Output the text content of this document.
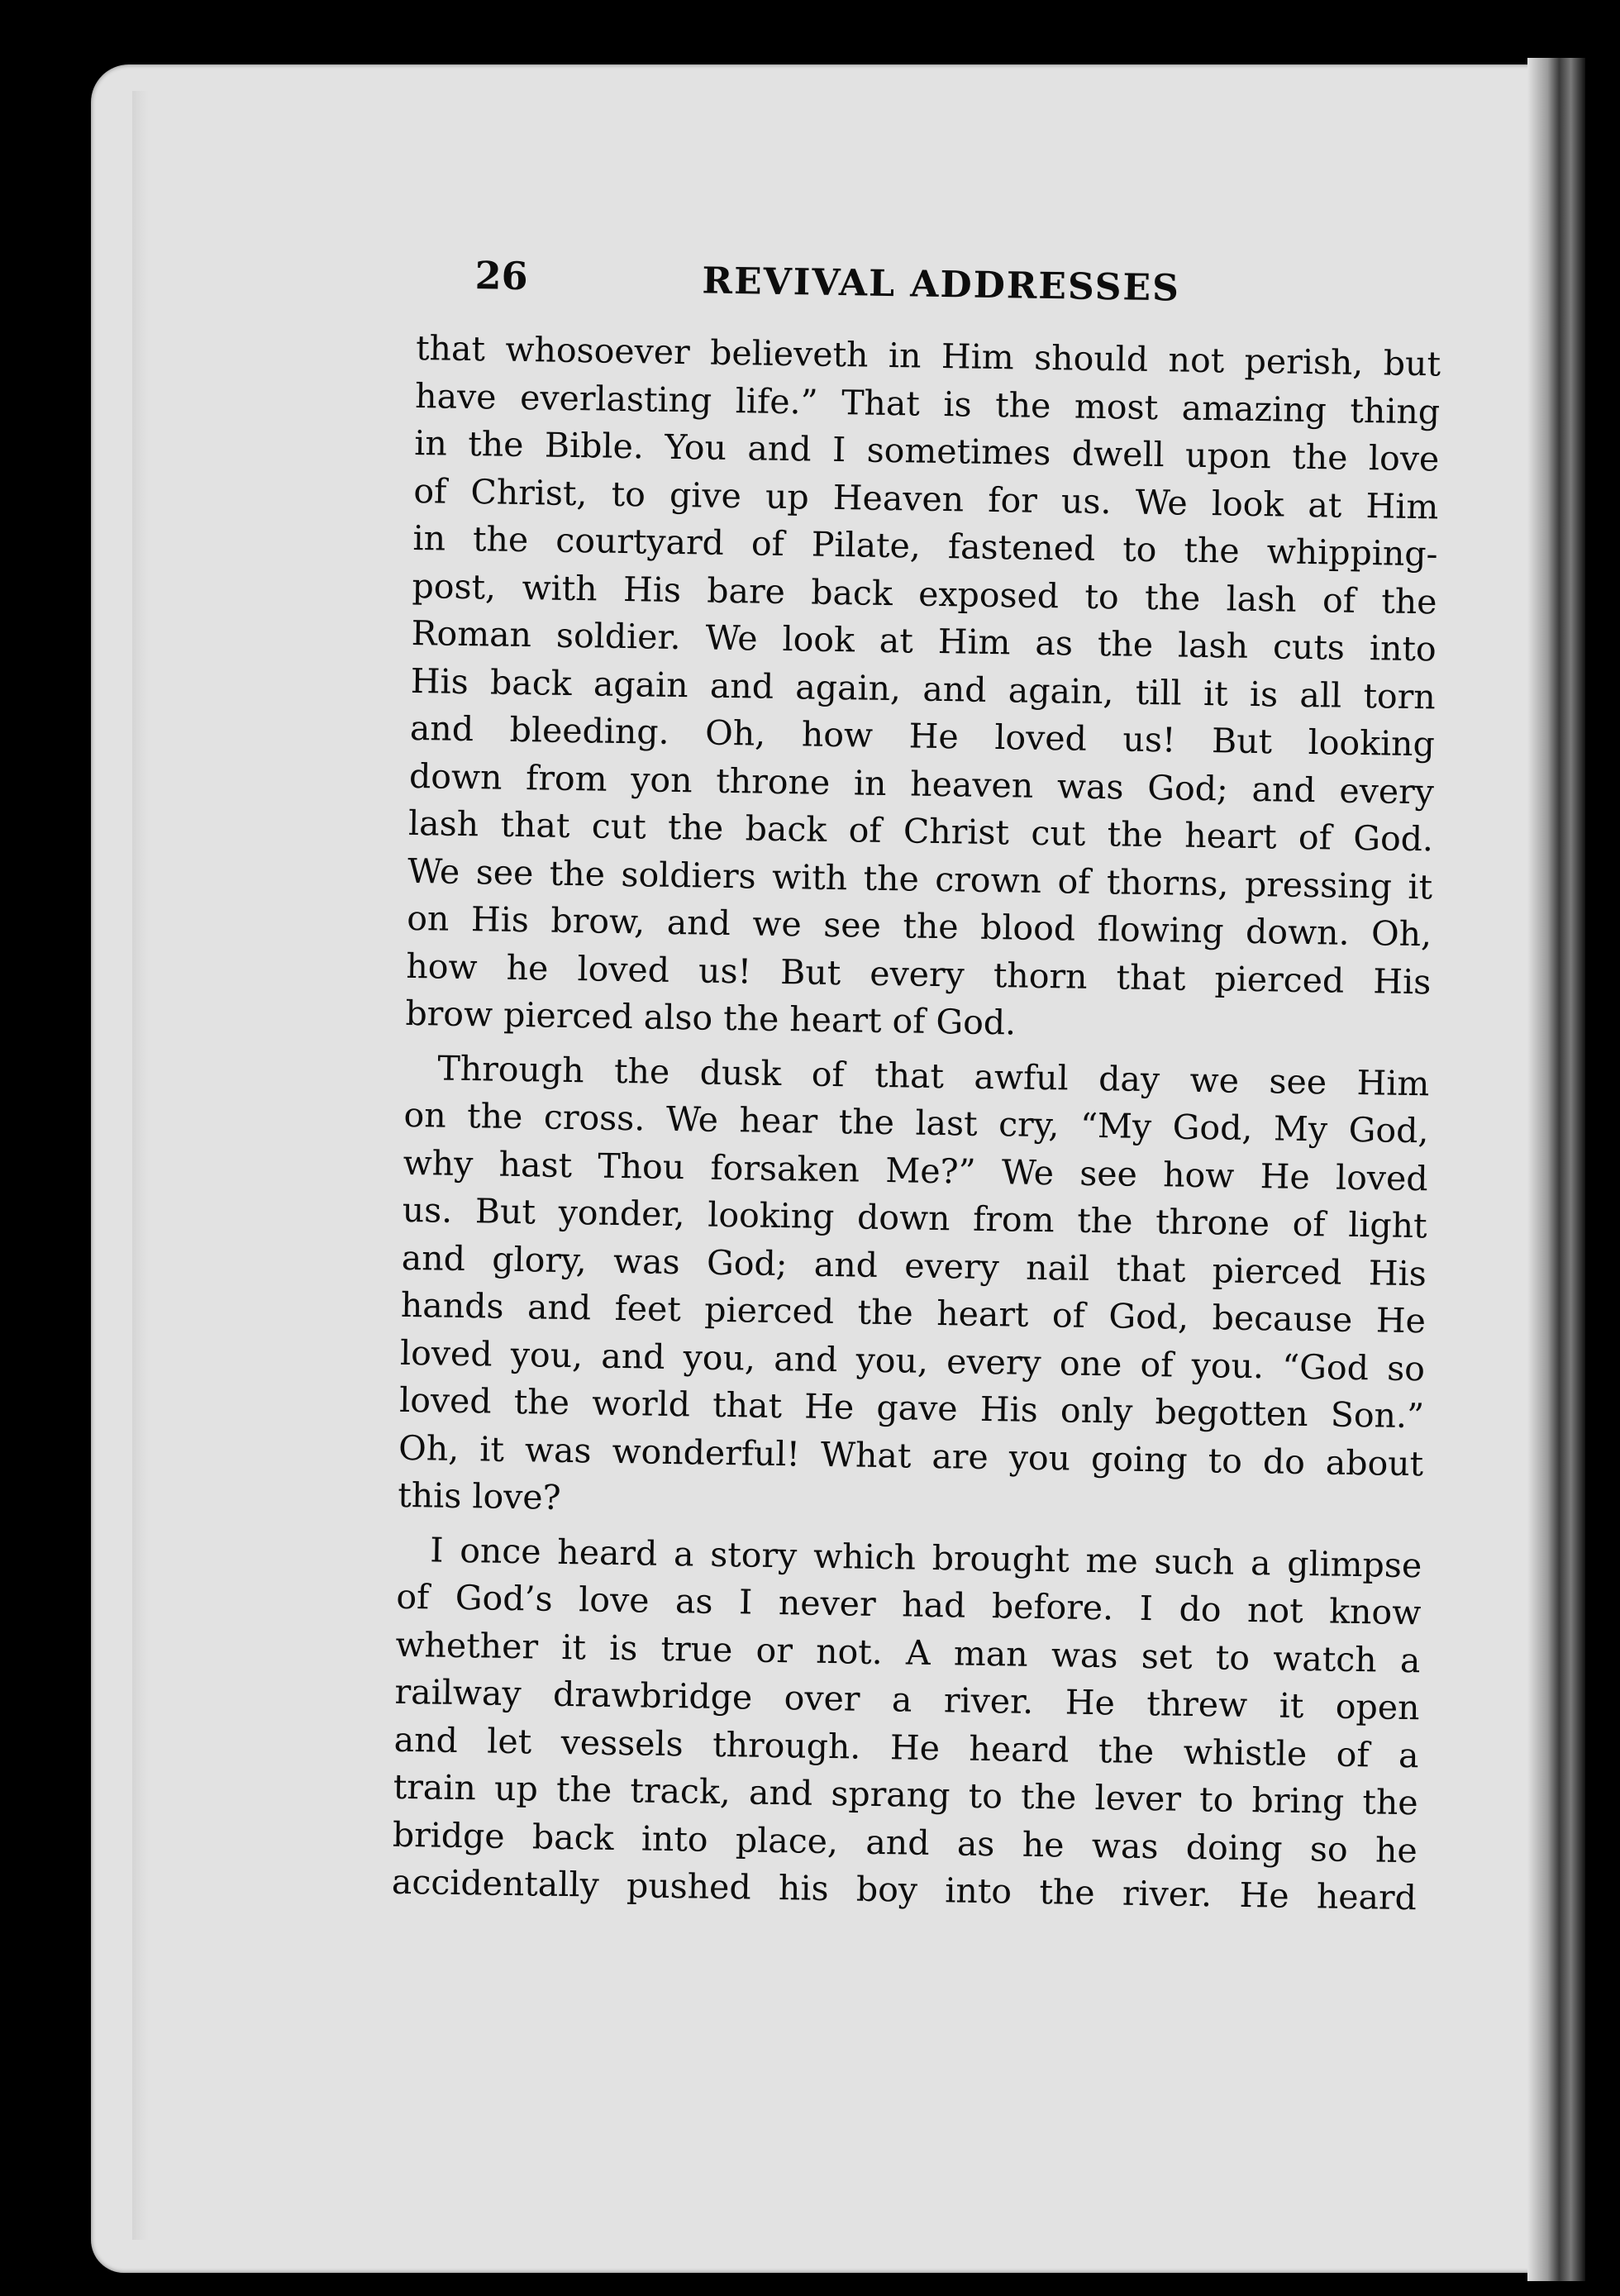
26	REVIVAL ADDRESSES

that whosoever believeth in Him should not perish, but
have everlasting life.” That is the most amazing thing
in the Bible. You and I sometimes dwell upon the love
of Christ, to give up Heaven for us. We look at Him
in the courtyard of Pilate, fastened to the whipping-
post, with His bare back exposed to the lash of the
Roman soldier. We look at Him as the lash cuts into
His back again and again, and again, till it is all torn
and bleeding. Oh, how He loved us! But looking
down from yon throne in heaven was God; and every
lash that cut the back of Christ cut the heart of God.
We see the soldiers with the crown of thorns, pressing it
on His brow, and we see the blood flowing down. Oh,
how he loved us! But every thorn that pierced His
brow pierced also the heart of God.

Through the dusk of that awful day we see Him
on the cross. We hear the last cry, “My God, My God,
why hast Thou forsaken Me?” We see how He loved
us. But yonder, looking down from the throne of light
and glory, was God; and every nail that pierced His
hands and feet pierced the heart of God, because He
loved you, and you, and you, every one of you. “God so
loved the world that He gave His only begotten Son.”
Oh, it was wonderful! What are you going to do about
this love?

I once heard a story which brought me such a glimpse
of God’s love as I never had before. I do not know
whether it is true or not. A man was set to watch a
railway drawbridge over a river. He threw it open
and let vessels through. He heard the whistle of a
train up the track, and sprang to the lever to bring the
bridge back into place, and as he was doing so he
accidentally pushed his boy into the river. He heard
